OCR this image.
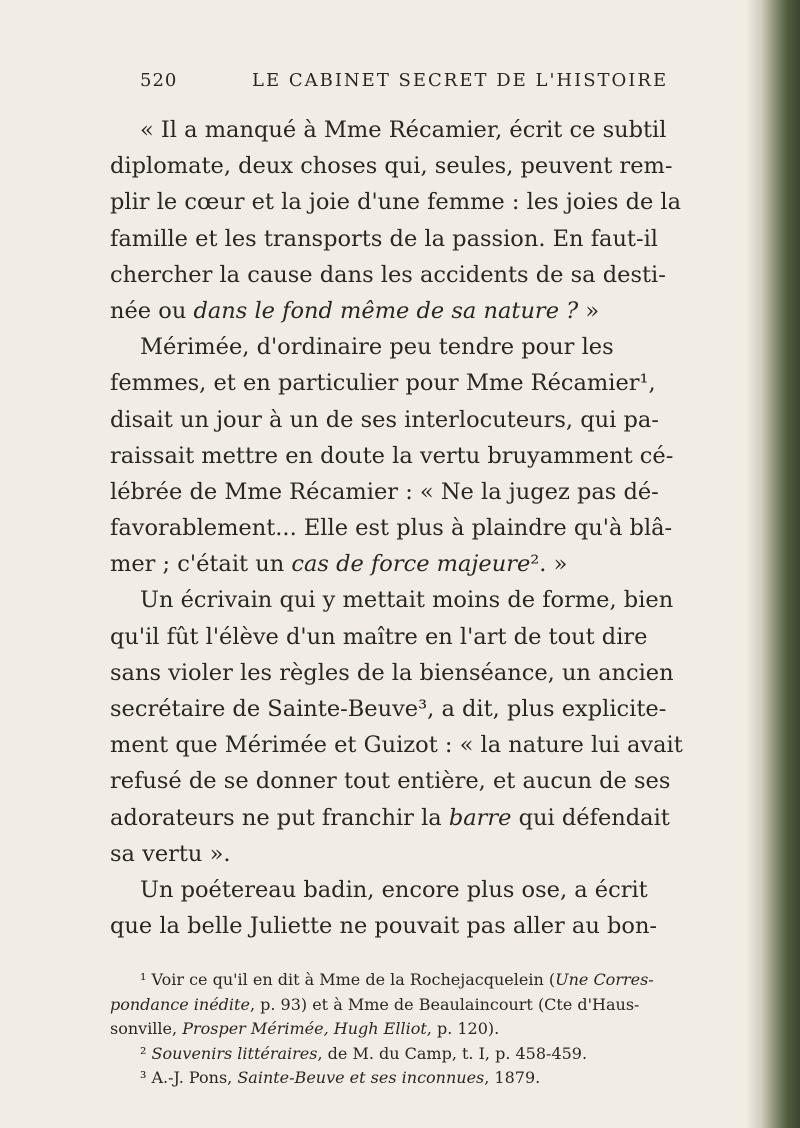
520	LE CABINET SECRET DE L'HISTOIRE
« Il a manqué à Mme Récamier, écrit ce subtil
diplomate, deux choses qui, seules, peuvent rem-
plir le cœur et la joie d'une femme : les joies de la
famille et les transports de la passion. En faut-il
chercher la cause dans les accidents de sa desti-
née ou dans le fond même de sa nature ? »
Mérimée, d'ordinaire peu tendre pour les
femmes, et en particulier pour Mme Récamier¹,
disait un jour à un de ses interlocuteurs, qui pa-
raissait mettre en doute la vertu bruyamment cé-
lébrée de Mme Récamier : « Ne la jugez pas dé-
favorablement... Elle est plus à plaindre qu'à blâ-
mer ; c'était un cas de force majeure². »
Un écrivain qui y mettait moins de forme, bien
qu'il fût l'élève d'un maître en l'art de tout dire
sans violer les règles de la bienséance, un ancien
secrétaire de Sainte-Beuve³, a dit, plus explicite-
ment que Mérimée et Guizot : « la nature lui avait
refusé de se donner tout entière, et aucun de ses
adorateurs ne put franchir la barre qui défendait
sa vertu ».
Un poétereau badin, encore plus ose, a écrit
que la belle Juliette ne pouvait pas aller au bon-
¹ Voir ce qu'il en dit à Mme de la Rochejacquelein (Une Corres-
pondance inédite, p. 93) et à Mme de Beaulaincourt (Cte d'Haus-
sonville, Prosper Mérimée, Hugh Elliot, p. 120).
² Souvenirs littéraires, de M. du Camp, t. I, p. 458-459.
³ A.-J. Pons, Sainte-Beuve et ses inconnues, 1879.
